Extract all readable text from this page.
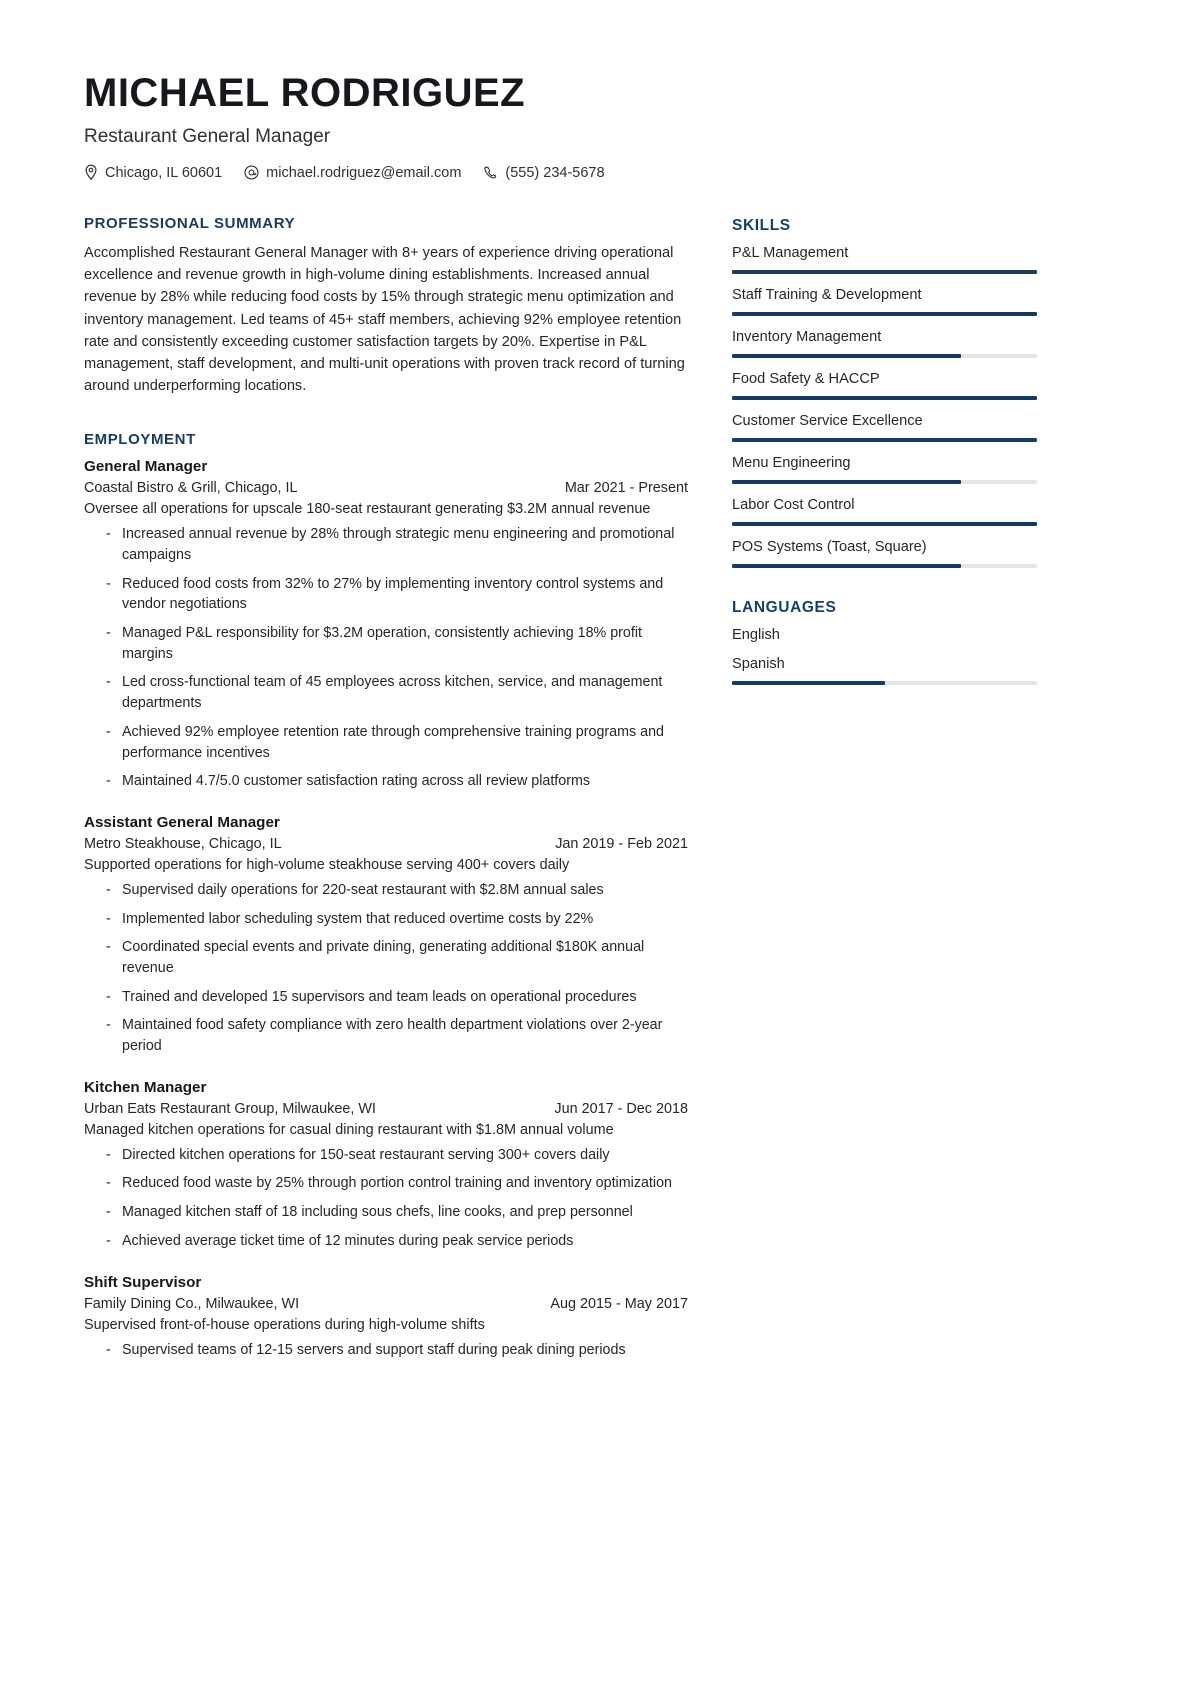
MICHAEL RODRIGUEZ
Restaurant General Manager
Chicago, IL 60601	michael.rodriguez@email.com	(555) 234-5678
PROFESSIONAL SUMMARY

Accomplished Restaurant General Manager with 8+ years of experience driving operational excellence and revenue growth in high-volume dining establishments. Increased annual revenue by 28% while reducing food costs by 15% through strategic menu optimization and inventory management. Led teams of 45+ staff members, achieving 92% employee retention rate and consistently exceeding customer satisfaction targets by 20%. Expertise in P&L management, staff development, and multi-unit operations with proven track record of turning around underperforming locations.

EMPLOYMENT
General Manager
Coastal Bistro & Grill, Chicago, IL	Mar 2021 - Present
Oversee all operations for upscale 180-seat restaurant generating $3.2M annual revenue
- Increased annual revenue by 28% through strategic menu engineering and promotional campaigns
- Reduced food costs from 32% to 27% by implementing inventory control systems and vendor negotiations
- Managed P&L responsibility for $3.2M operation, consistently achieving 18% profit margins
- Led cross-functional team of 45 employees across kitchen, service, and management departments
- Achieved 92% employee retention rate through comprehensive training programs and performance incentives
- Maintained 4.7/5.0 customer satisfaction rating across all review platforms
Assistant General Manager
Metro Steakhouse, Chicago, IL	Jan 2019 - Feb 2021
Supported operations for high-volume steakhouse serving 400+ covers daily
- Supervised daily operations for 220-seat restaurant with $2.8M annual sales
- Implemented labor scheduling system that reduced overtime costs by 22%
- Coordinated special events and private dining, generating additional $180K annual revenue
- Trained and developed 15 supervisors and team leads on operational procedures
- Maintained food safety compliance with zero health department violations over 2-year period
Kitchen Manager
Urban Eats Restaurant Group, Milwaukee, WI	Jun 2017 - Dec 2018
Managed kitchen operations for casual dining restaurant with $1.8M annual volume
- Directed kitchen operations for 150-seat restaurant serving 300+ covers daily
- Reduced food waste by 25% through portion control training and inventory optimization
- Managed kitchen staff of 18 including sous chefs, line cooks, and prep personnel
- Achieved average ticket time of 12 minutes during peak service periods
Shift Supervisor
Family Dining Co., Milwaukee, WI	Aug 2015 - May 2017
Supervised front-of-house operations during high-volume shifts
- Supervised teams of 12-15 servers and support staff during peak dining periods
SKILLS
P&L Management
Staff Training & Development
Inventory Management
Food Safety & HACCP
Customer Service Excellence
Menu Engineering
Labor Cost Control
POS Systems (Toast, Square)
LANGUAGES
English
Spanish
